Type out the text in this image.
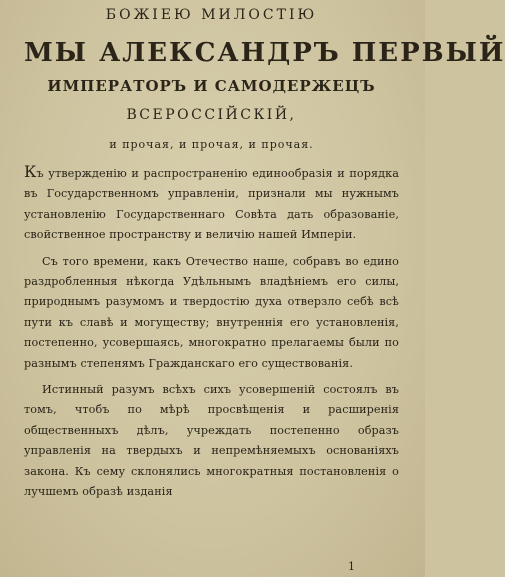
БОЖІЕЮ МИЛОСТІЮ
МЫ АЛЕКСАНДРЪ ПЕРВЫЙ
ИМПЕРАТОРЪ И САМОДЕРЖЕЦЪ
ВСЕРОССІЙСКІЙ,
и прочая, и прочая, и прочая.

Къ утвержденію и распространенію единообразія и порядка въ Государственномъ управленіи, признали мы нужнымъ установленію Государственнаго Совѣта дать образованіе, свойственное пространству и величію нашей Имперіи.

Съ того времени, какъ Отечество наше, собравъ во едино раздробленныя нѣкогда Удѣльнымъ владѣніемъ его силы, природнымъ разумомъ и твердостію духа отверзло себѣ всѣ пути къ славѣ и могуществу; внутреннія его установленія, постепенно, усовершаясь, многократно прелагаемы были по разнымъ степенямъ Гражданскаго его существованія.

Истинный разумъ всѣхъ сихъ усовершеній состоялъ въ томъ, чтобъ по мѣрѣ просвѣщенія и расширенія общественныхъ дѣлъ, учреждать постепенно образъ управленія на твердыхъ и непремѣняемыхъ основаніяхъ закона. Къ сему склонялись многократныя постановленія о лучшемъ образѣ изданія

1
